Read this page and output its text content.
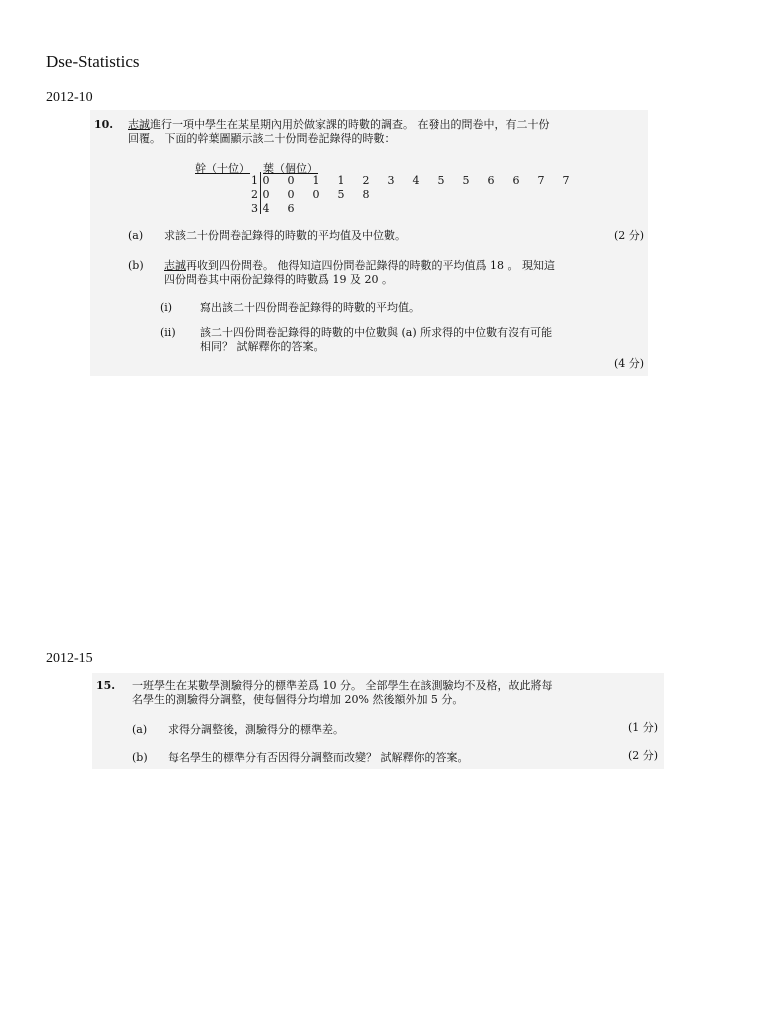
Dse-Statistics
2012-10
10. 志誠進行一項中學生在某星期內用於做家課的時數的調查。 在發出的問卷中，有二十份
回覆。 下面的幹葉圖顯示該二十份問卷記錄得的時數：
幹（十位） 葉（個位）
1 0	0	1	1	2	3	4	5	5	6	6	7	7
2 0	0	0	5	8
3 4	6
(a) 求該二十份問卷記錄得的時數的平均值及中位數。	(2 分)
(b) 志誠再收到四份問卷。 他得知這四份問卷記錄得的時數的平均值爲 18 。 現知這
四份問卷其中兩份記錄得的時數爲 19 及 20 。
(i)	寫出該二十四份問卷記錄得的時數的平均值。
(ii) 該二十四份問卷記錄得的時數的中位數與 (a) 所求得的中位數有沒有可能
相同？ 試解釋你的答案。
(4 分)
2012-15
15. 一班學生在某數學測驗得分的標準差爲 10 分。 全部學生在該測驗均不及格，故此將每
名學生的測驗得分調整，使每個得分均增加 20% 然後額外加 5 分。
(a) 求得分調整後，測驗得分的標準差。	(1 分)
(b) 每名學生的標準分有否因得分調整而改變？ 試解釋你的答案。	(2 分)
